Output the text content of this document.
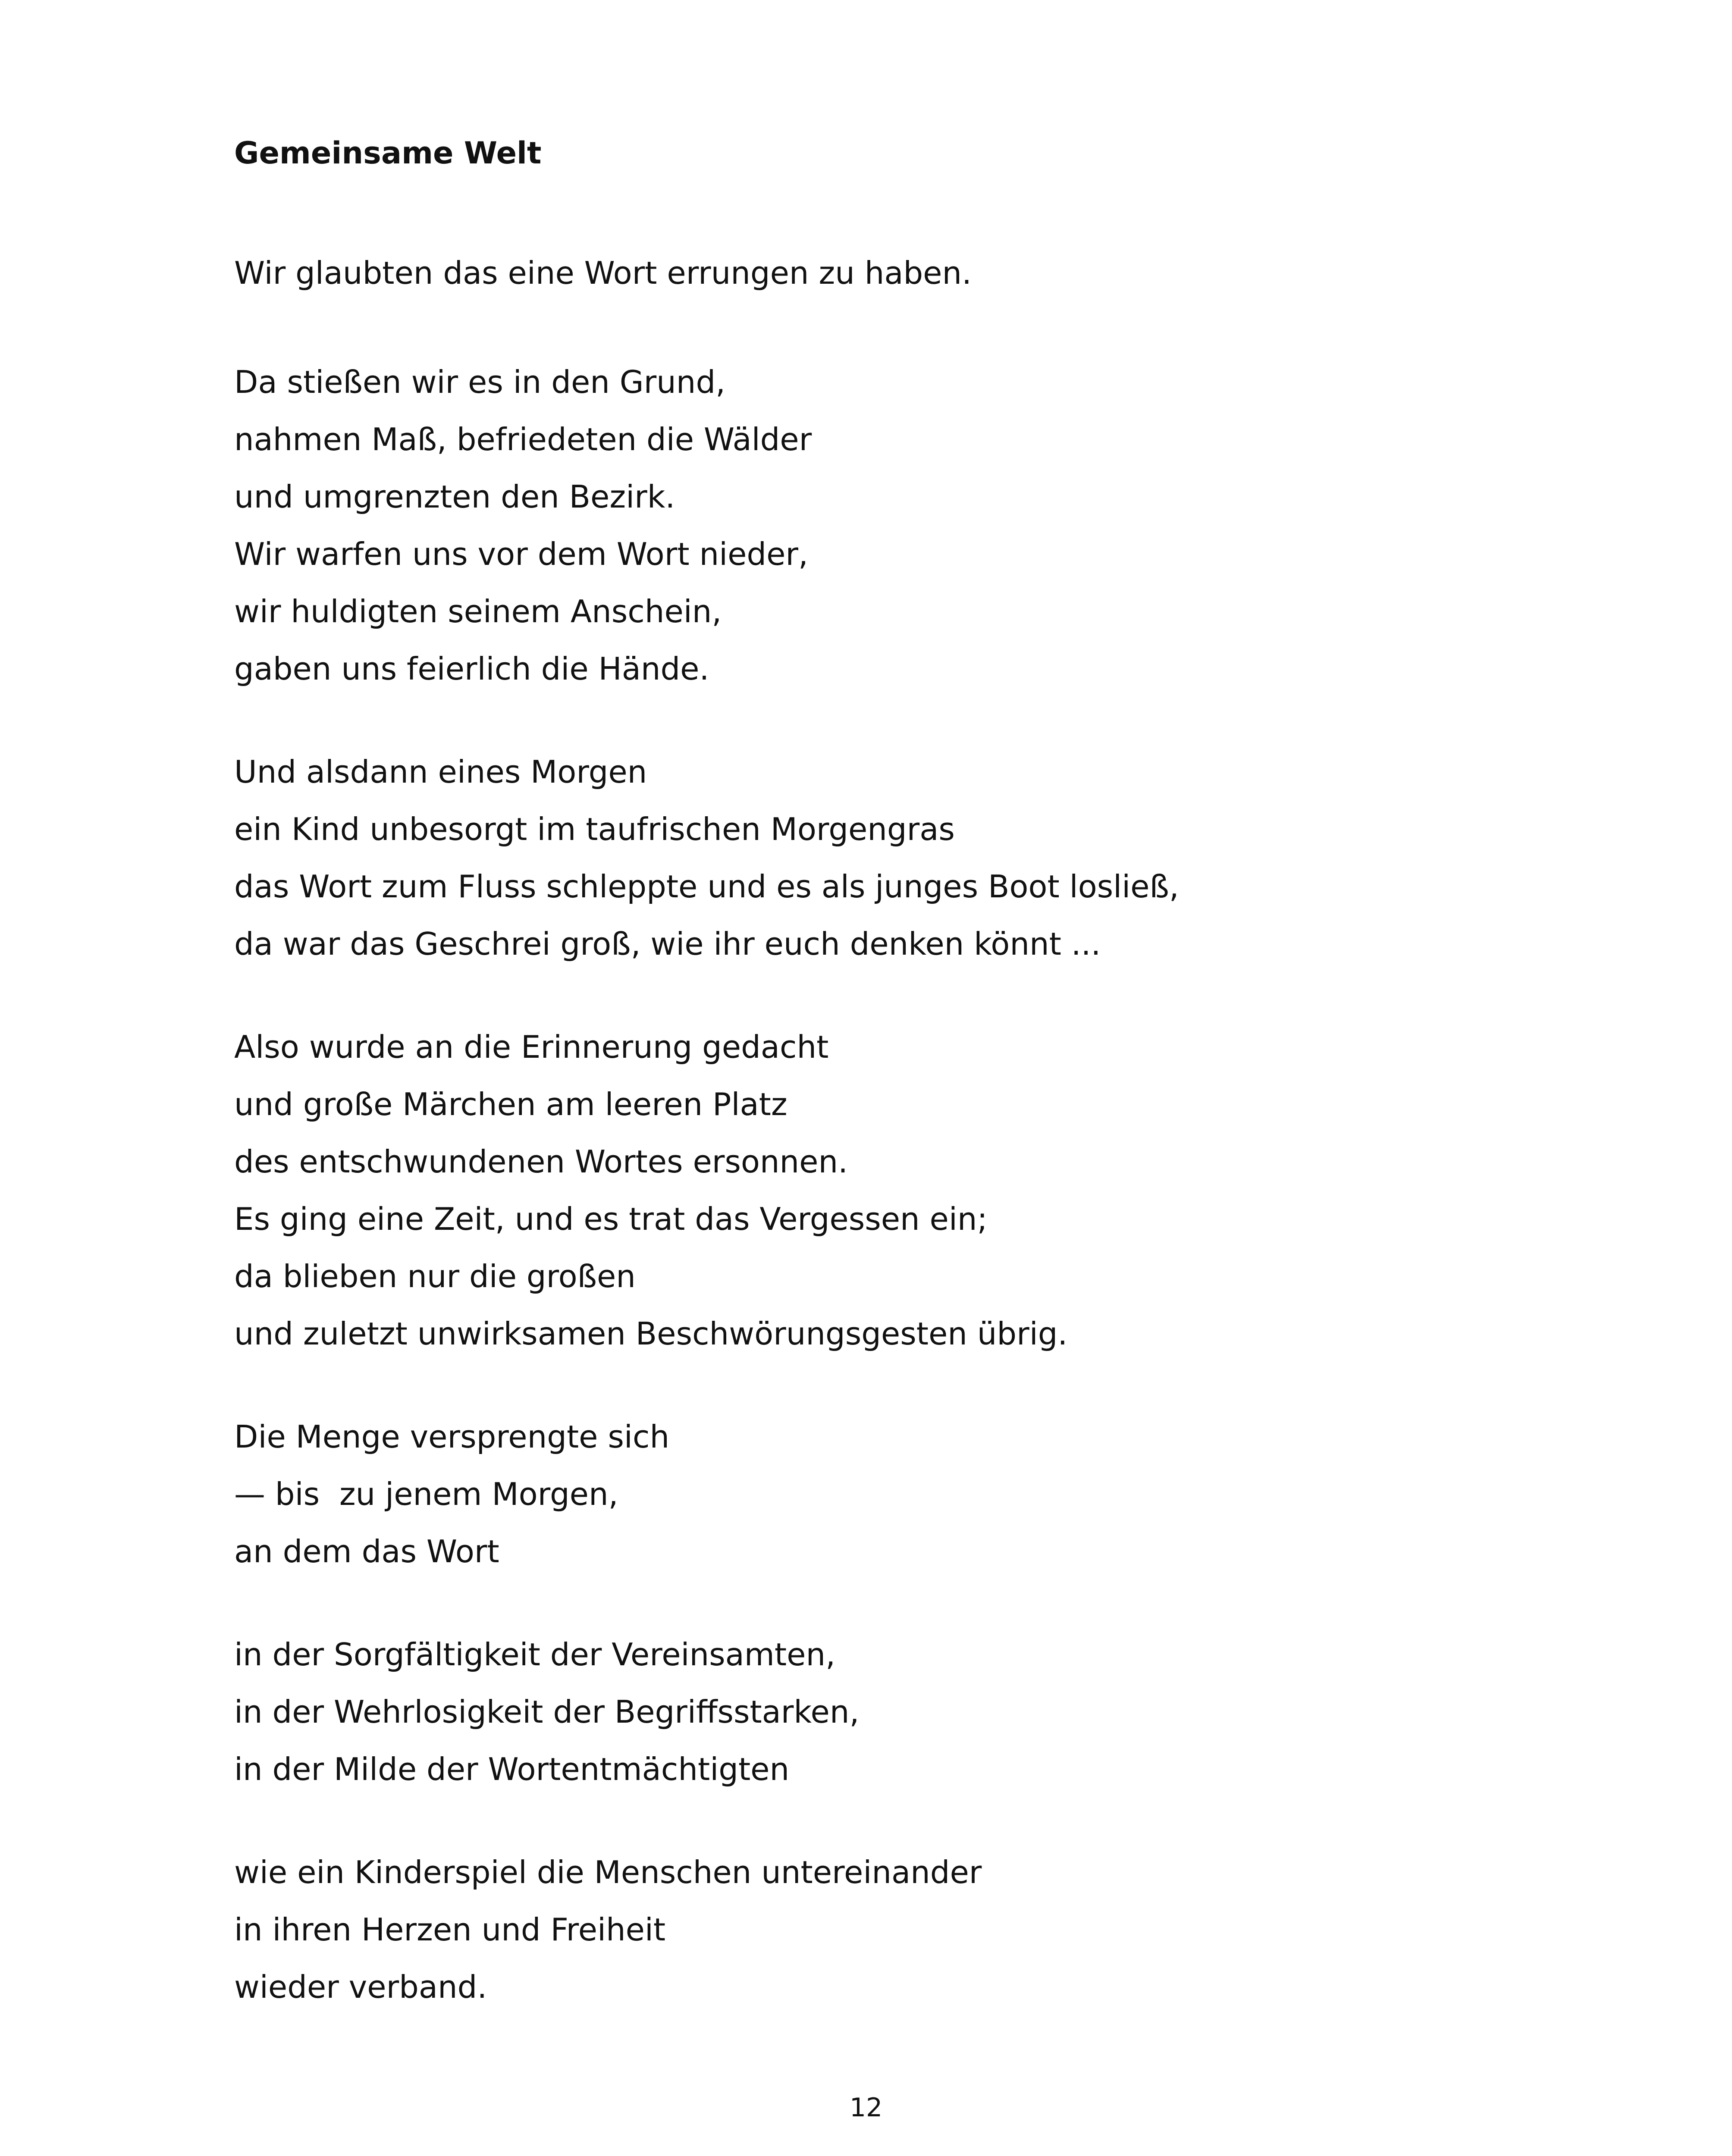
Gemeinsame Welt
Wir glaubten das eine Wort errungen zu haben.
Da stießen wir es in den Grund,
nahmen Maß, befriedeten die Wälder
und umgrenzten den Bezirk.
Wir warfen uns vor dem Wort nieder,
wir huldigten seinem Anschein,
gaben uns feierlich die Hände.
Und alsdann eines Morgen
ein Kind unbesorgt im taufrischen Morgengras
das Wort zum Fluss schleppte und es als junges Boot losließ,
da war das Geschrei groß, wie ihr euch denken könnt ...
Also wurde an die Erinnerung gedacht
und große Märchen am leeren Platz
des entschwundenen Wortes ersonnen.
Es ging eine Zeit, und es trat das Vergessen ein;
da blieben nur die großen
und zuletzt unwirksamen Beschwörungsgesten übrig.
Die Menge versprengte sich
— bis  zu jenem Morgen,
an dem das Wort
in der Sorgfältigkeit der Vereinsamten,
in der Wehrlosigkeit der Begriffsstarken,
in der Milde der Wortentmächtigten
wie ein Kinderspiel die Menschen untereinander
in ihren Herzen und Freiheit
wieder verband.
12
